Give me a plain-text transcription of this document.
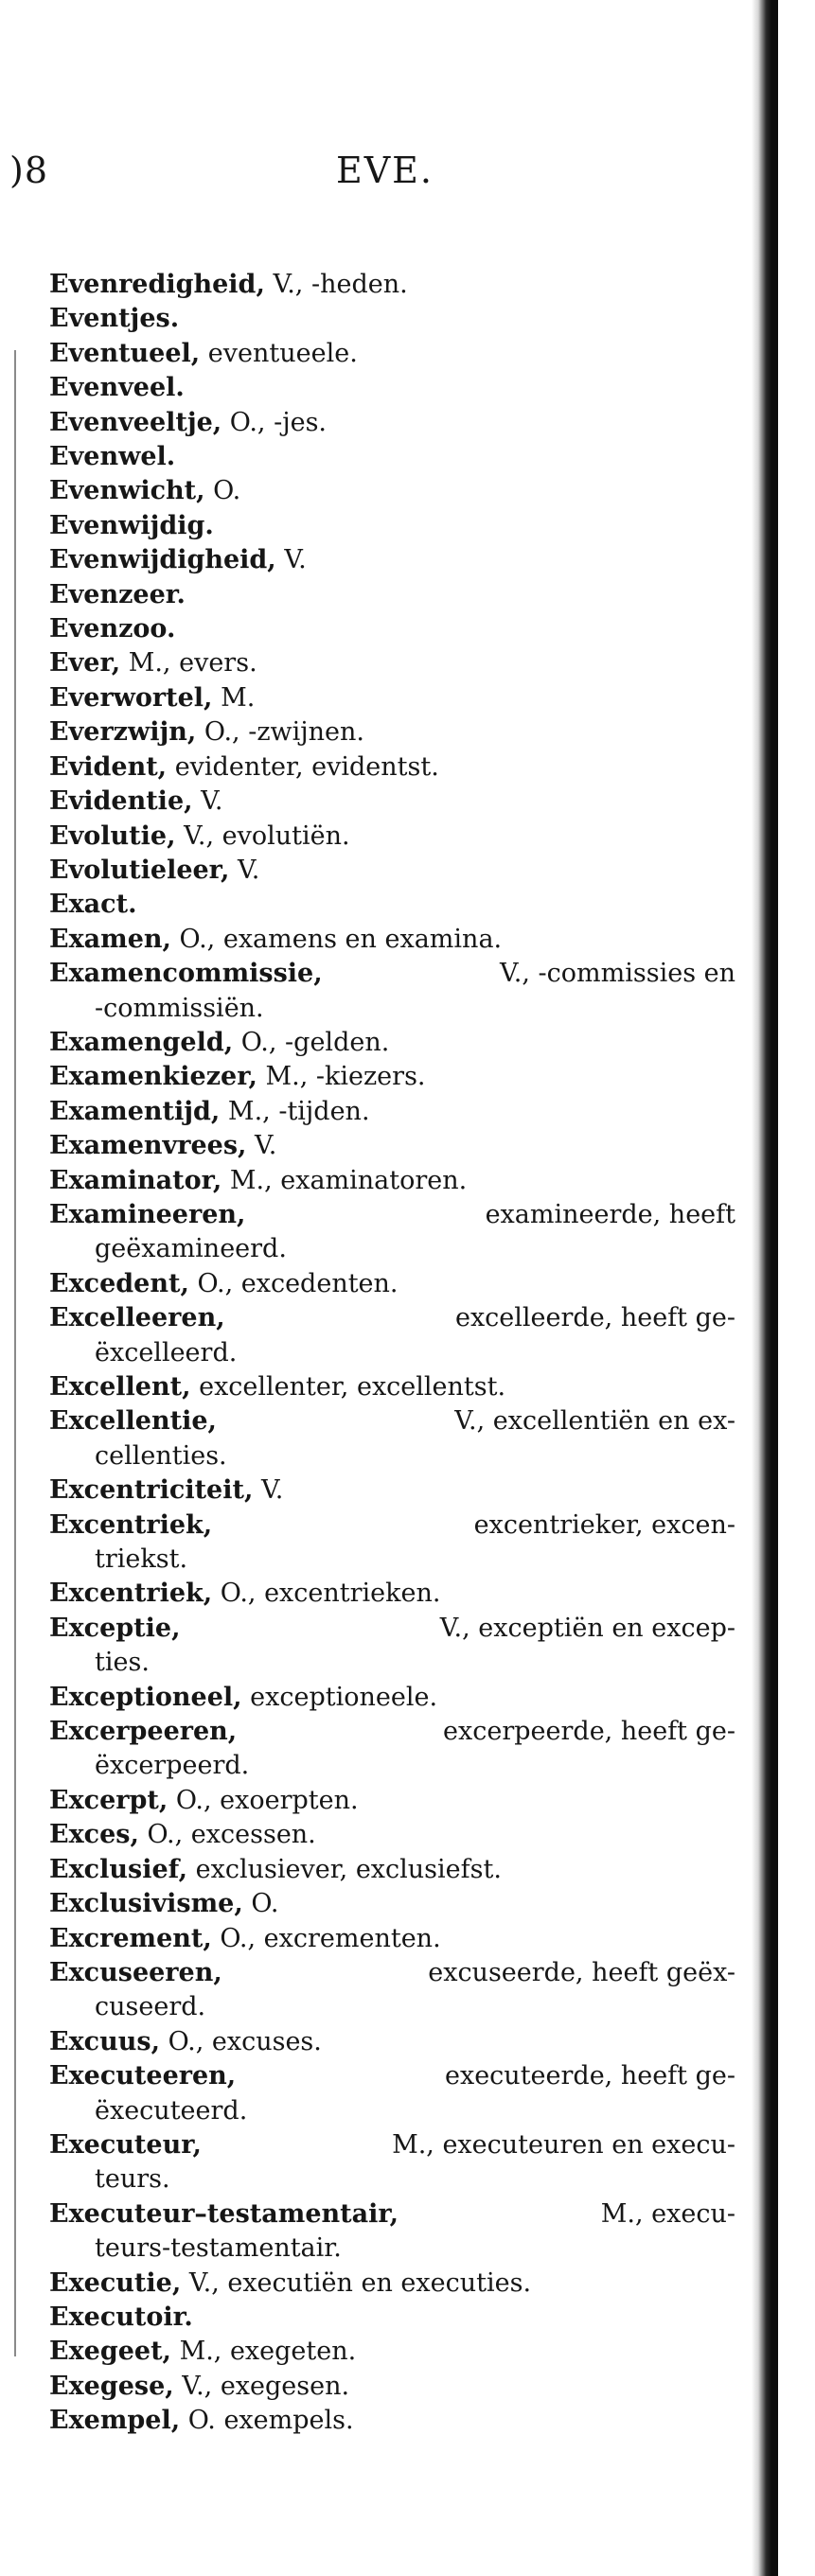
)8	EVE.
Evenredigheid, V., -heden.
Eventjes.
Eventueel, eventueele.
Evenveel.
Evenveeltje, O., -jes.
Evenwel.
Evenwicht, O.
Evenwijdig.
Evenwijdigheid, V.
Evenzeer.
Evenzoo.
Ever, M., evers.
Everwortel, M.
Everzwijn, O., -zwijnen.
Evident, evidenter, evidentst.
Evidentie, V.
Evolutie, V., evolutiën.
Evolutieleer, V.
Exact.
Examen, O., examens en examina.
Examencommissie,	V., -commissies en
-commissiën.
Examengeld, O., -gelden.
Examenkiezer, M., -kiezers.
Examentijd, M., -tijden.
Examenvrees, V.
Examinator, M., examinatoren.
Examineeren,	examineerde, heeft
geëxamineerd.
Excedent, O., excedenten.
Excelleeren,	excelleerde, heeft ge-
ëxcelleerd.
Excellent, excellenter, excellentst.
Excellentie,	V., excellentiën en ex-
cellenties.
Excentriciteit, V.
Excentriek,	excentrieker, excen-
triekst.
Excentriek, O., excentrieken.
Exceptie,	V., exceptiën en excep-
ties.
Exceptioneel, exceptioneele.
Excerpeeren,	excerpeerde, heeft ge-
ëxcerpeerd.
Excerpt, O., exoerpten.
Exces, O., excessen.
Exclusief, exclusiever, exclusiefst.
Exclusivisme, O.
Excrement, O., excrementen.
Excuseeren,	excuseerde, heeft geëx-
cuseerd.
Excuus, O., excuses.
Executeeren,	executeerde, heeft ge-
ëxecuteerd.
Executeur,	M., executeuren en execu-
teurs.
Executeur–testamentair,	M., execu-
teurs-testamentair.
Executie, V., executiën en executies.
Executoir.
Exegeet, M., exegeten.
Exegese, V., exegesen.
Exempel, O. exempels.
